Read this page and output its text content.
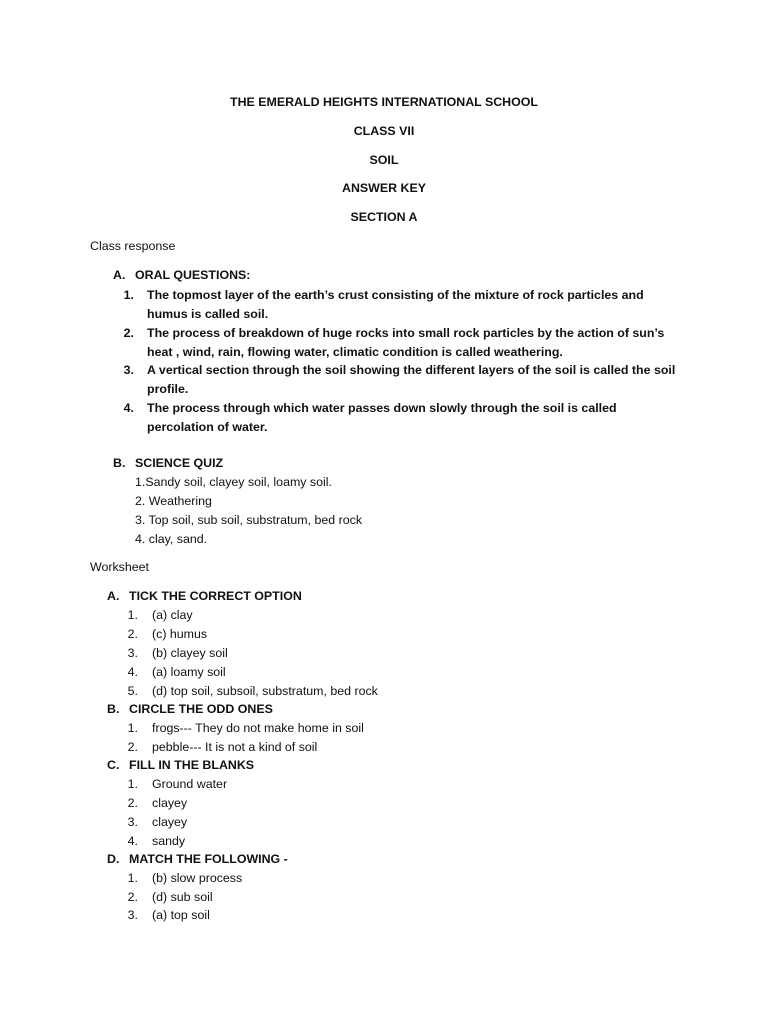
THE EMERALD HEIGHTS INTERNATIONAL SCHOOL
CLASS VII
SOIL
ANSWER KEY
SECTION A
Class response
A. ORAL QUESTIONS:
1. The topmost layer of the earth’s crust consisting of the mixture of rock particles and humus is called soil.
2. The process of breakdown of huge rocks into small rock particles by the action of sun’s heat , wind, rain, flowing water, climatic condition is called weathering.
3. A vertical section through the soil showing the different layers of the soil is called the soil profile.
4. The process through which water passes down slowly through the soil is called percolation of water.
B. SCIENCE QUIZ
1.Sandy soil, clayey soil, loamy soil.
2. Weathering
3. Top soil, sub soil, substratum, bed rock
4. clay, sand.
Worksheet
A. TICK THE CORRECT OPTION
1. (a) clay
2. (c) humus
3. (b) clayey soil
4. (a) loamy soil
5. (d) top soil, subsoil, substratum, bed rock
B. CIRCLE THE ODD ONES
1. frogs--- They do not make home in soil
2. pebble--- It is not a kind of soil
C. FILL IN THE BLANKS
1. Ground water
2. clayey
3. clayey
4. sandy
D. MATCH THE FOLLOWING -
1. (b) slow process
2. (d) sub soil
3. (a) top soil
